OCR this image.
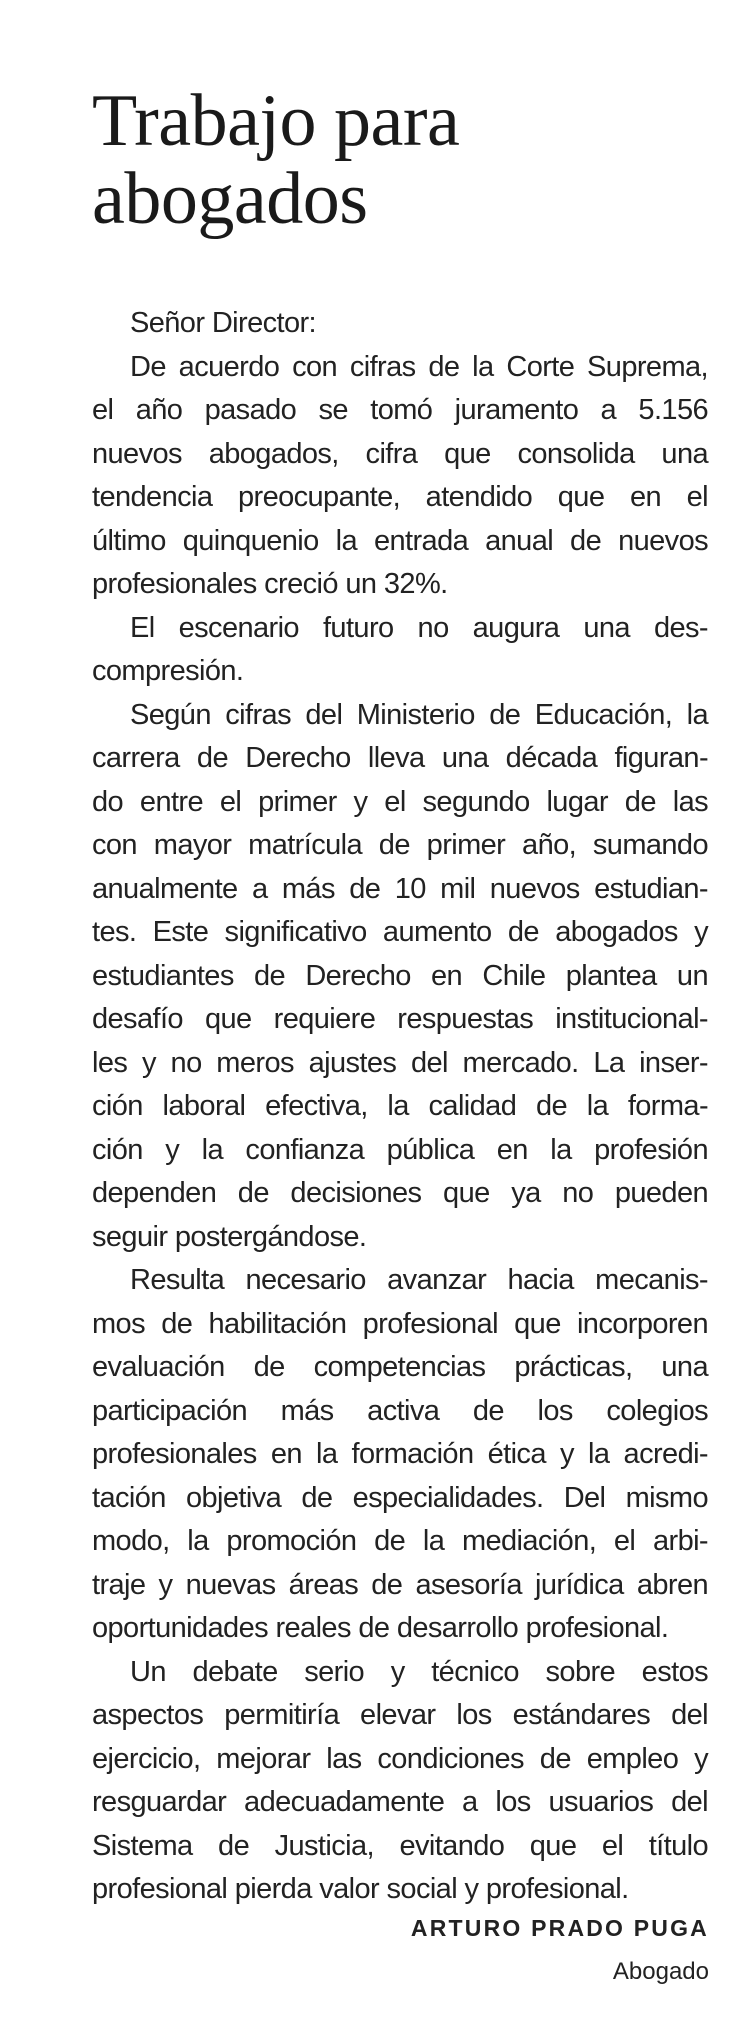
Trabajo para
abogados
Señor Director:
De acuerdo con cifras de la Corte Suprema,
el año pasado se tomó juramento a 5.156
nuevos abogados, cifra que consolida una
tendencia preocupante, atendido que en el
último quinquenio la entrada anual de nuevos
profesionales creció un 32%.
El escenario futuro no augura una des-
compresión.
Según cifras del Ministerio de Educación, la
carrera de Derecho lleva una década figuran-
do entre el primer y el segundo lugar de las
con mayor matrícula de primer año, sumando
anualmente a más de 10 mil nuevos estudian-
tes. Este significativo aumento de abogados y
estudiantes de Derecho en Chile plantea un
desafío que requiere respuestas institucional-
les y no meros ajustes del mercado. La inser-
ción laboral efectiva, la calidad de la forma-
ción y la confianza pública en la profesión
dependen de decisiones que ya no pueden
seguir postergándose.
Resulta necesario avanzar hacia mecanis-
mos de habilitación profesional que incorporen
evaluación de competencias prácticas, una
participación más activa de los colegios
profesionales en la formación ética y la acredi-
tación objetiva de especialidades. Del mismo
modo, la promoción de la mediación, el arbi-
traje y nuevas áreas de asesoría jurídica abren
oportunidades reales de desarrollo profesional.
Un debate serio y técnico sobre estos
aspectos permitiría elevar los estándares del
ejercicio, mejorar las condiciones de empleo y
resguardar adecuadamente a los usuarios del
Sistema de Justicia, evitando que el título
profesional pierda valor social y profesional.
ARTURO PRADO PUGA
Abogado
